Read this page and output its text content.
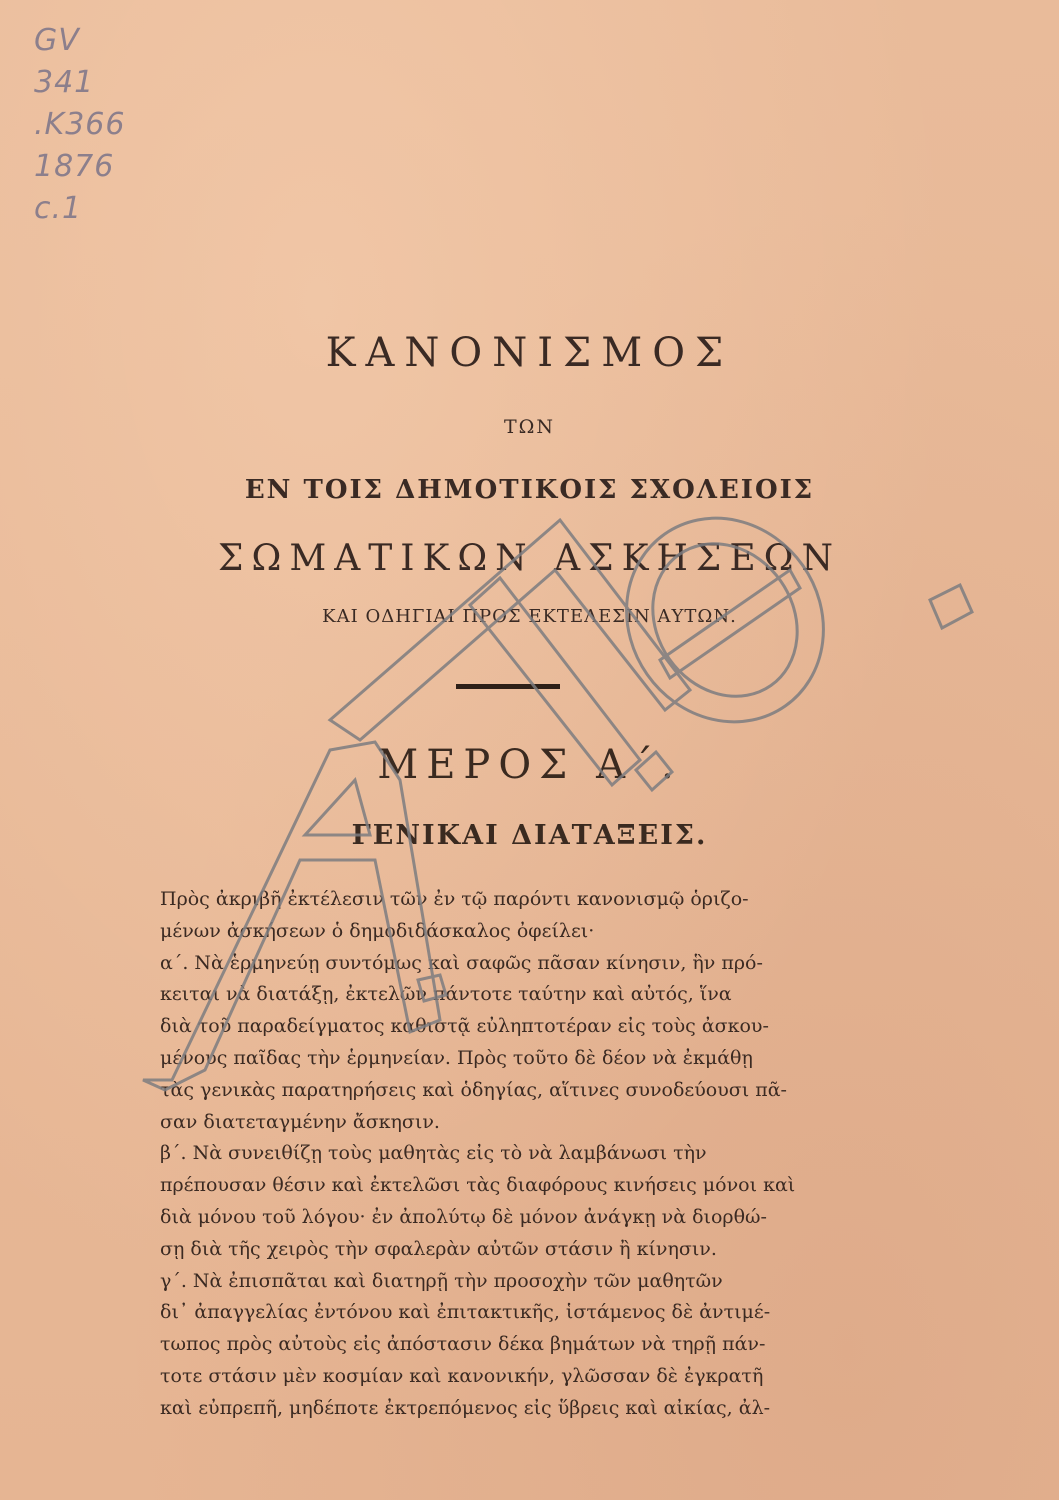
GV
341
.K366
1876
c.1
ΚΑΝΟΝΙΣΜΟΣ
ΤΩΝ
ΕΝ ΤΟΙΣ ΔΗΜΟΤΙΚΟΙΣ ΣΧΟΛΕΙΟΙΣ
ΣΩΜΑΤΙΚΩΝ ΑΣΚΗΣΕΩΝ
ΚΑΙ ΟΔΗΓΙΑΙ ΠΡΟΣ ΕΚΤΕΛΕΣΙΝ ΑΥΤΩΝ.
ΜΕΡΟΣ Α΄.
ΓΕΝΙΚΑΙ ΔΙΑΤΑΞΕΙΣ.
Πρὸς ἀκριβῆ ἐκτέλεσιν τῶν ἐν τῷ παρόντι κανονισμῷ ὁριζο-
μένων ἀσκήσεων ὁ δημοδιδάσκαλος ὀφείλει·
α΄. Νὰ ἑρμηνεύῃ συντόμως καὶ σαφῶς πᾶσαν κίνησιν, ἣν πρό-
κειται νὰ διατάξῃ, ἐκτελῶν πάντοτε ταύτην καὶ αὐτός, ἵνα
διὰ τοῦ παραδείγματος καθιστᾷ εὐληπτοτέραν εἰς τοὺς ἀσκου-
μένους παῖδας τὴν ἑρμηνείαν. Πρὸς τοῦτο δὲ δέον νὰ ἐκμάθῃ
τὰς γενικὰς παρατηρήσεις καὶ ὁδηγίας, αἵτινες συνοδεύουσι πᾶ-
σαν διατεταγμένην ἄσκησιν.
β΄. Νὰ συνειθίζῃ τοὺς μαθητὰς εἰς τὸ νὰ λαμβάνωσι τὴν
πρέπουσαν θέσιν καὶ ἐκτελῶσι τὰς διαφόρους κινήσεις μόνοι καὶ
διὰ μόνου τοῦ λόγου· ἐν ἀπολύτῳ δὲ μόνον ἀνάγκῃ νὰ διορθώ-
σῃ διὰ τῆς χειρὸς τὴν σφαλερὰν αὐτῶν στάσιν ἢ κίνησιν.
γ΄. Νὰ ἐπισπᾶται καὶ διατηρῇ τὴν προσοχὴν τῶν μαθητῶν
δι᾿ ἀπαγγελίας ἐντόνου καὶ ἐπιτακτικῆς, ἱστάμενος δὲ ἀντιμέ-
τωπος πρὸς αὐτοὺς εἰς ἀπόστασιν δέκα βημάτων νὰ τηρῇ πάν-
τοτε στάσιν μὲν κοσμίαν καὶ κανονικήν, γλῶσσαν δὲ ἐγκρατῆ
καὶ εὐπρεπῆ, μηδέποτε ἐκτρεπόμενος εἰς ὕβρεις καὶ αἰκίας, ἀλ-
